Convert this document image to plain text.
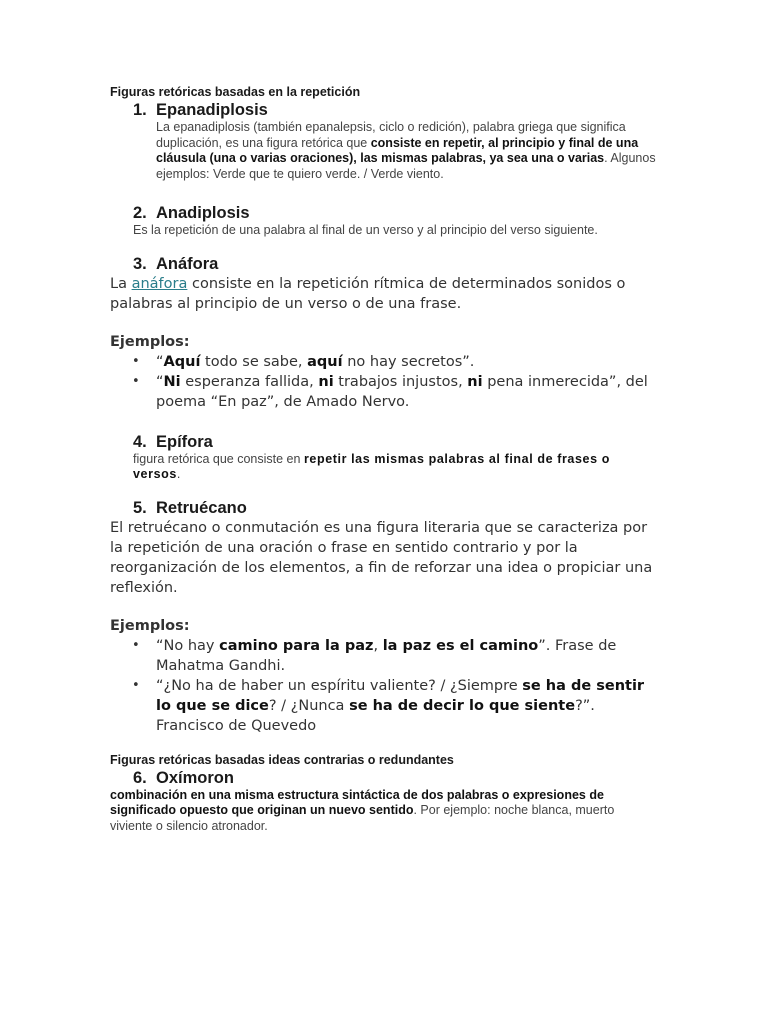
Figuras retóricas basadas en la repetición

1. Epanadiplosis

La epanadiplosis (también epanalepsis, ciclo o redición), palabra griega que significa duplicación, es una figura retórica que consiste en repetir, al principio y final de una cláusula (una o varias oraciones), las mismas palabras, ya sea una o varias. Algunos ejemplos: Verde que te quiero verde. / Verde viento.

2. Anadiplosis

Es la repetición de una palabra al final de un verso y al principio del verso siguiente.

3. Anáfora

La anáfora consiste en la repetición rítmica de determinados sonidos o palabras al principio de un verso o de una frase.

Ejemplos:

• “Aquí todo se sabe, aquí no hay secretos”.
• “Ni esperanza fallida, ni trabajos injustos, ni pena inmerecida”, del poema “En paz”, de Amado Nervo.

4. Epífora

figura retórica que consiste en repetir las mismas palabras al final de frases o versos.

5. Retruécano

El retruécano o conmutación es una figura literaria que se caracteriza por la repetición de una oración o frase en sentido contrario y por la reorganización de los elementos, a fin de reforzar una idea o propiciar una reflexión.

Ejemplos:

• “No hay camino para la paz, la paz es el camino”. Frase de Mahatma Gandhi.
• “¿No ha de haber un espíritu valiente? / ¿Siempre se ha de sentir lo que se dice? / ¿Nunca se ha de decir lo que siente?”. Francisco de Quevedo

Figuras retóricas basadas ideas contrarias o redundantes

6. Oxímoron

combinación en una misma estructura sintáctica de dos palabras o expresiones de significado opuesto que originan un nuevo sentido. Por ejemplo: noche blanca, muerto viviente o silencio atronador.
